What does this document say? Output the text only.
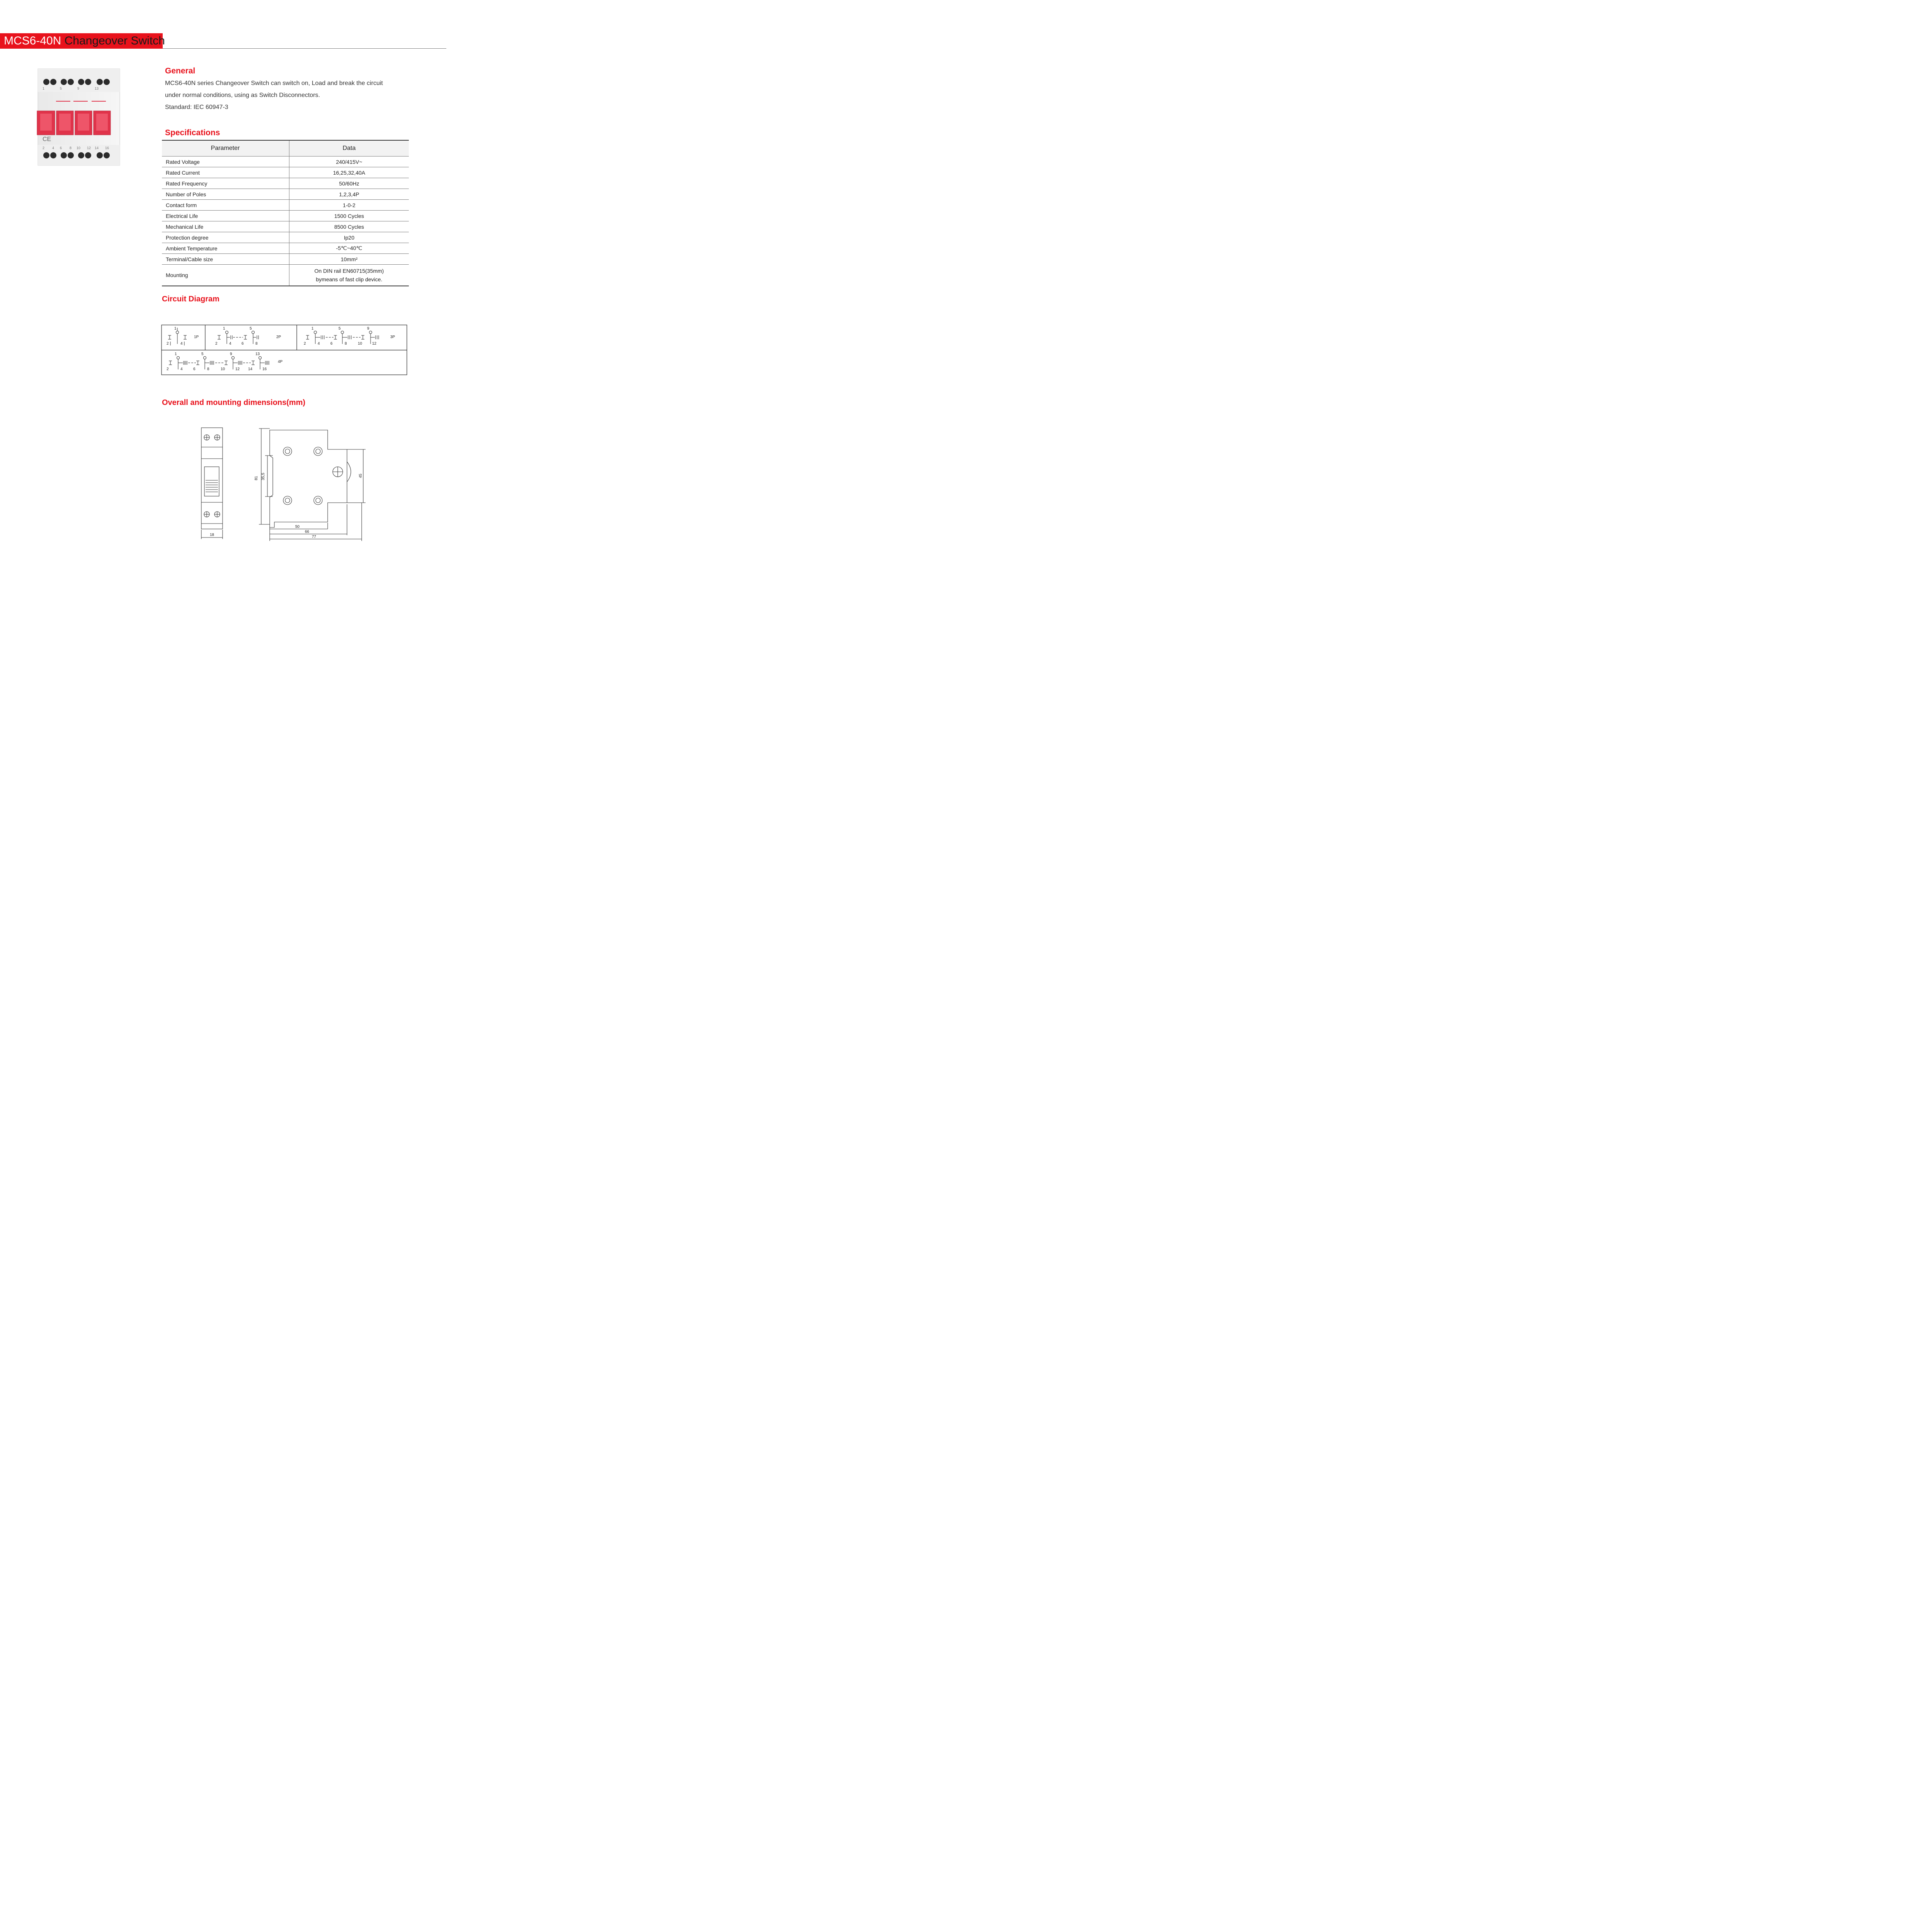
MCS6-40N Changeover Switch
1	5	9	13
CE
2 4 6 8 10 12 14 16
General
MCS6-40N series Changeover Switch can switch on, Load and break the circuit
under normal conditions, using as Switch Disconnectors.
Standard: IEC 60947-3
Specifications
Parameter	Data
Rated Voltage	240/415V~
Rated Current	16,25,32,40A
Rated Frequency	50/60Hz
Number of Poles	1,2,3,4P
Contact form	1-0-2
Electrical Life	1500 Cycles
Mechanical Life	8500 Cycles
Protection degree	Ip20
Ambient Temperature	-5℃~40℃
Terminal/Cable size	10mm²
Mounting	On DIN rail EN60715(35mm)
bymeans of fast clip device.
Circuit Diagram
1
2	4
1P
1	5
2	4	6	8
2P
1	5	9
2	4	6	8	10	12
3P
1	5	9	13
2	4	6	8	10	12 14	16
4P
Overall and mounting dimensions(mm)
18
81 35,5	45
50
66
77
